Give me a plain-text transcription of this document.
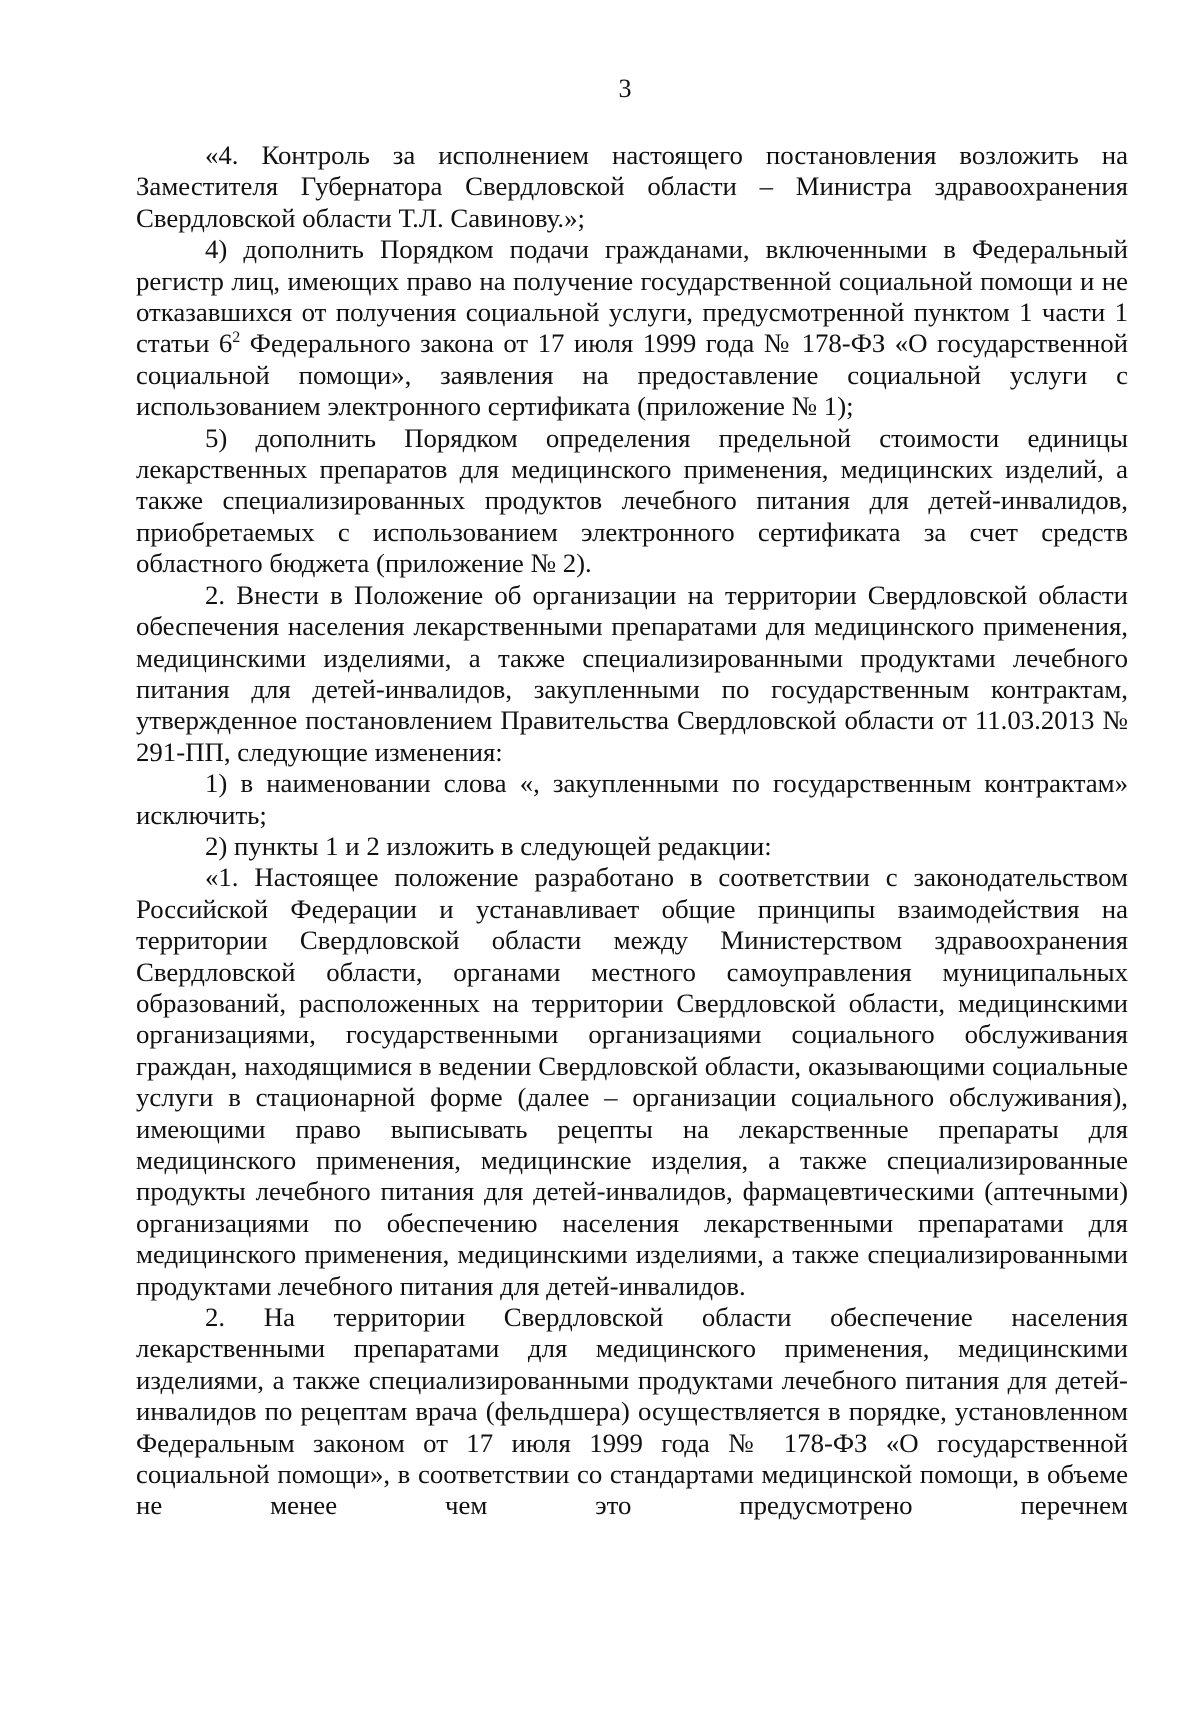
3

«4. Контроль за исполнением настоящего постановления возложить на Заместителя Губернатора Свердловской области – Министра здравоохранения Свердловской области Т.Л. Савинову.»;

4) дополнить Порядком подачи гражданами, включенными в Федеральный регистр лиц, имеющих право на получение государственной социальной помощи и не отказавшихся от получения социальной услуги, предусмотренной пунктом 1 части 1 статьи $6^2$ Федерального закона от 17 июля 1999 года № 178-ФЗ «О государственной социальной помощи», заявления на предоставление социальной услуги с использованием электронного сертификата (приложение № 1);

5) дополнить Порядком определения предельной стоимости единицы лекарственных препаратов для медицинского применения, медицинских изделий, а также специализированных продуктов лечебного питания для детей-инвалидов, приобретаемых с использованием электронного сертификата за счет средств областного бюджета (приложение № 2).

2. Внести в Положение об организации на территории Свердловской области обеспечения населения лекарственными препаратами для медицинского применения, медицинскими изделиями, а также специализированными продуктами лечебного питания для детей-инвалидов, закупленными по государственным контрактам, утвержденное постановлением Правительства Свердловской области от 11.03.2013 № 291-ПП, следующие изменения:

1) в наименовании слова «, закупленными по государственным контрактам» исключить;

2) пункты 1 и 2 изложить в следующей редакции:

«1. Настоящее положение разработано в соответствии с законодательством Российской Федерации и устанавливает общие принципы взаимодействия на территории Свердловской области между Министерством здравоохранения Свердловской области, органами местного самоуправления муниципальных образований, расположенных на территории Свердловской области, медицинскими организациями, государственными организациями социального обслуживания граждан, находящимися в ведении Свердловской области, оказывающими социальные услуги в стационарной форме (далее – организации социального обслуживания), имеющими право выписывать рецепты на лекарственные препараты для медицинского применения, медицинские изделия, а также специализированные продукты лечебного питания для детей-инвалидов, фармацевтическими (аптечными) организациями по обеспечению населения лекарственными препаратами для медицинского применения, медицинскими изделиями, а также специализированными продуктами лечебного питания для детей-инвалидов.

2. На территории Свердловской области обеспечение населения лекарственными препаратами для медицинского применения, медицинскими изделиями, а также специализированными продуктами лечебного питания для детей-инвалидов по рецептам врача (фельдшера) осуществляется в порядке, установленном Федеральным законом от 17 июля 1999 года № 178-ФЗ «О государственной социальной помощи», в соответствии со стандартами медицинской помощи, в объеме не менее чем это предусмотрено перечнем
